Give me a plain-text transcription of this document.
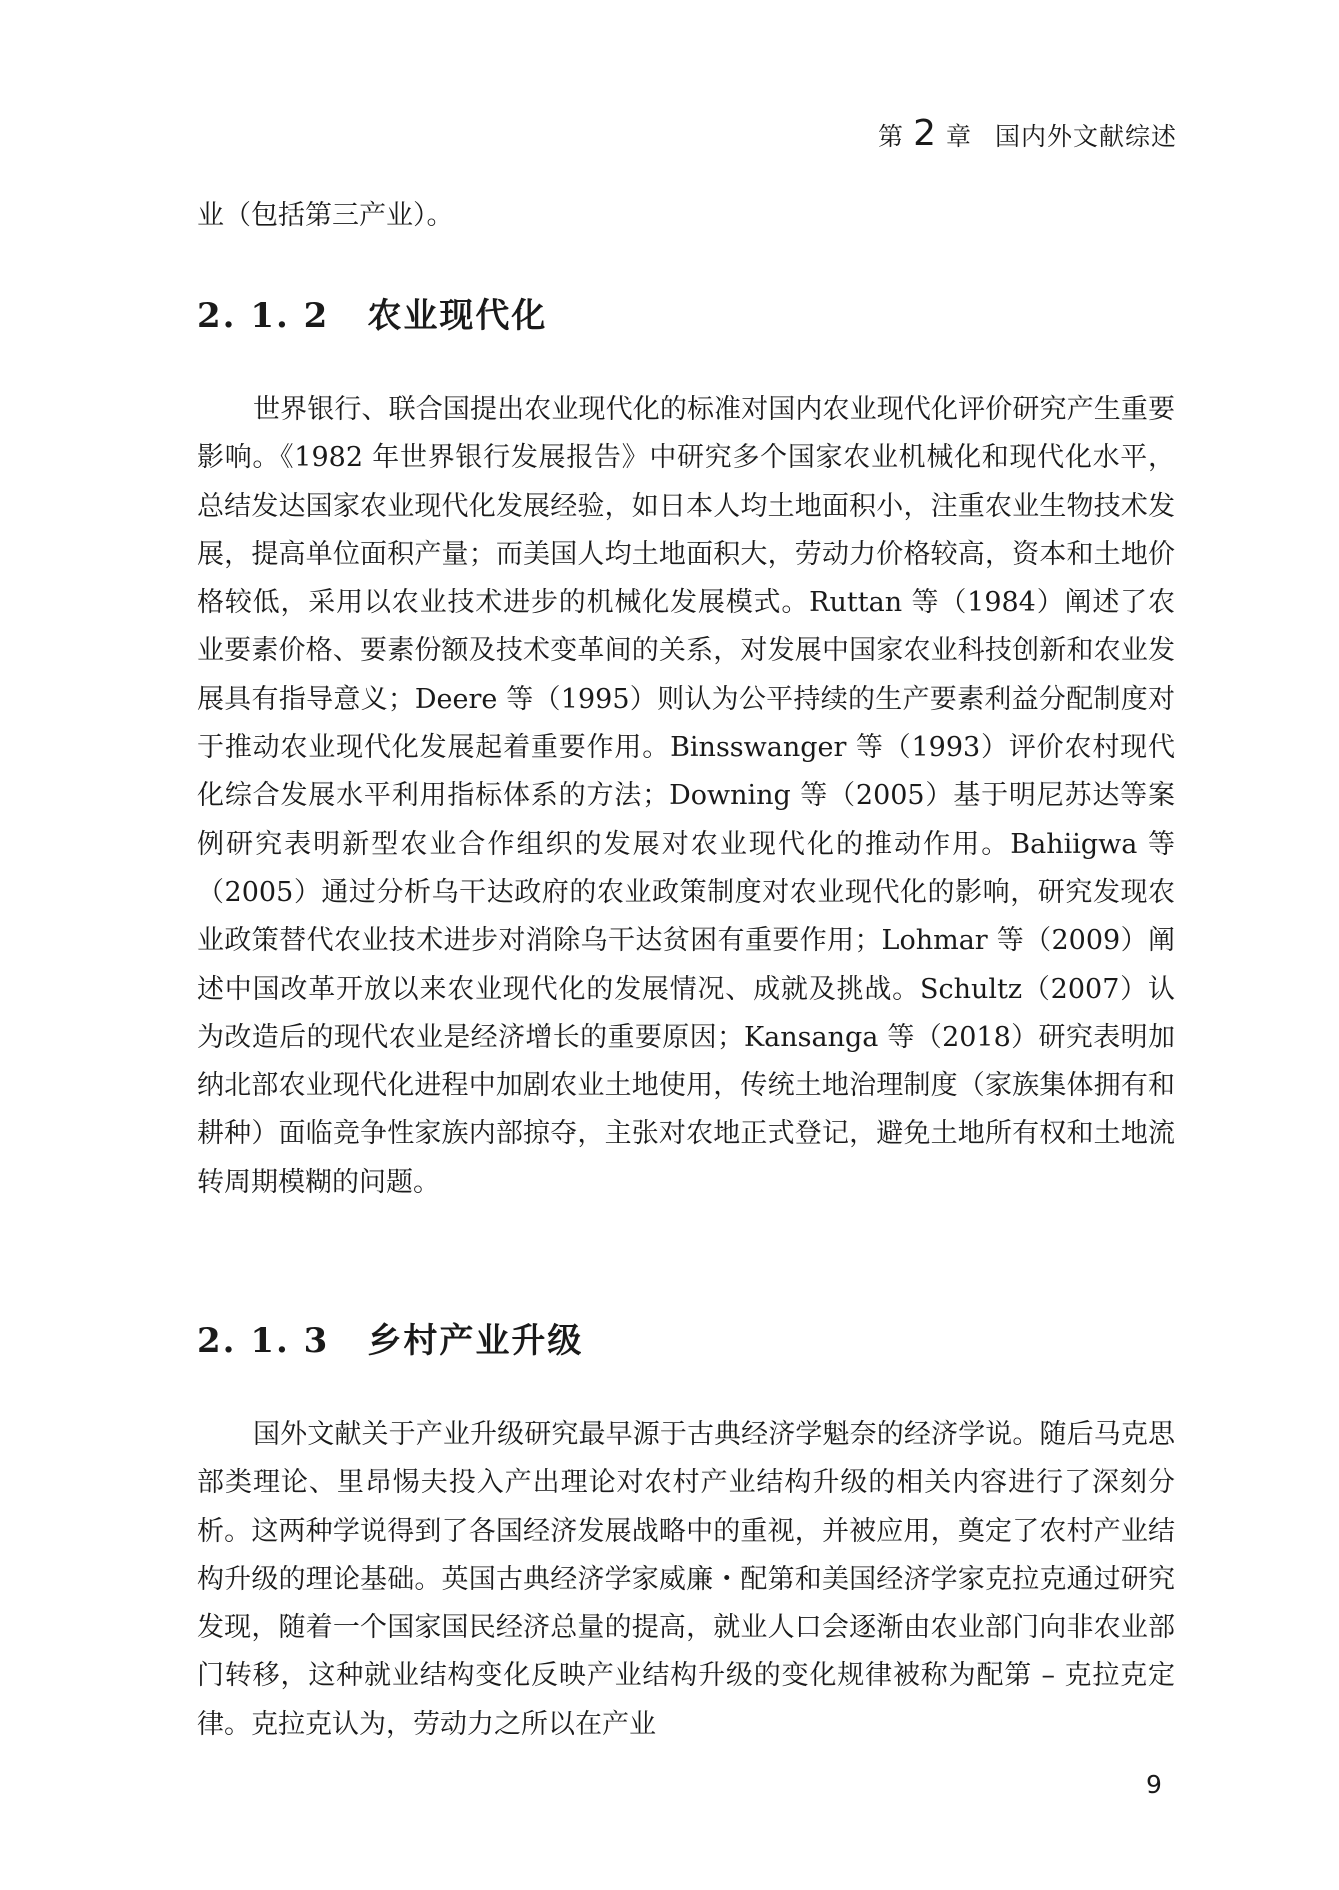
第 2 章 国内外文献综述

业（包括第三产业）。

2. 1. 2 农业现代化

世界银行、联合国提出农业现代化的标准对国内农业现代化评价研究产生重要影响。《1982 年世界银行发展报告》中研究多个国家农业机械化和现代化水平，总结发达国家农业现代化发展经验，如日本人均土地面积小，注重农业生物技术发展，提高单位面积产量；而美国人均土地面积大，劳动力价格较高，资本和土地价格较低，采用以农业技术进步的机械化发展模式。Ruttan 等（1984）阐述了农业要素价格、要素份额及技术变革间的关系，对发展中国家农业科技创新和农业发展具有指导意义；Deere 等（1995）则认为公平持续的生产要素利益分配制度对于推动农业现代化发展起着重要作用。Binsswanger 等（1993）评价农村现代化综合发展水平利用指标体系的方法；Downing 等（2005）基于明尼苏达等案例研究表明新型农业合作组织的发展对农业现代化的推动作用。Bahiigwa 等（2005）通过分析乌干达政府的农业政策制度对农业现代化的影响，研究发现农业政策替代农业技术进步对消除乌干达贫困有重要作用；Lohmar 等（2009）阐述中国改革开放以来农业现代化的发展情况、成就及挑战。Schultz（2007）认为改造后的现代农业是经济增长的重要原因；Kansanga 等（2018）研究表明加纳北部农业现代化进程中加剧农业土地使用，传统土地治理制度（家族集体拥有和耕种）面临竞争性家族内部掠夺，主张对农地正式登记，避免土地所有权和土地流转周期模糊的问题。

2. 1. 3 乡村产业升级

国外文献关于产业升级研究最早源于古典经济学魁奈的经济学说。随后马克思部类理论、里昂惕夫投入产出理论对农村产业结构升级的相关内容进行了深刻分析。这两种学说得到了各国经济发展战略中的重视，并被应用，奠定了农村产业结构升级的理论基础。英国古典经济学家威廉・配第和美国经济学家克拉克通过研究发现，随着一个国家国民经济总量的提高，就业人口会逐渐由农业部门向非农业部门转移，这种就业结构变化反映产业结构升级的变化规律被称为配第 – 克拉克定律。克拉克认为，劳动力之所以在产业

9
